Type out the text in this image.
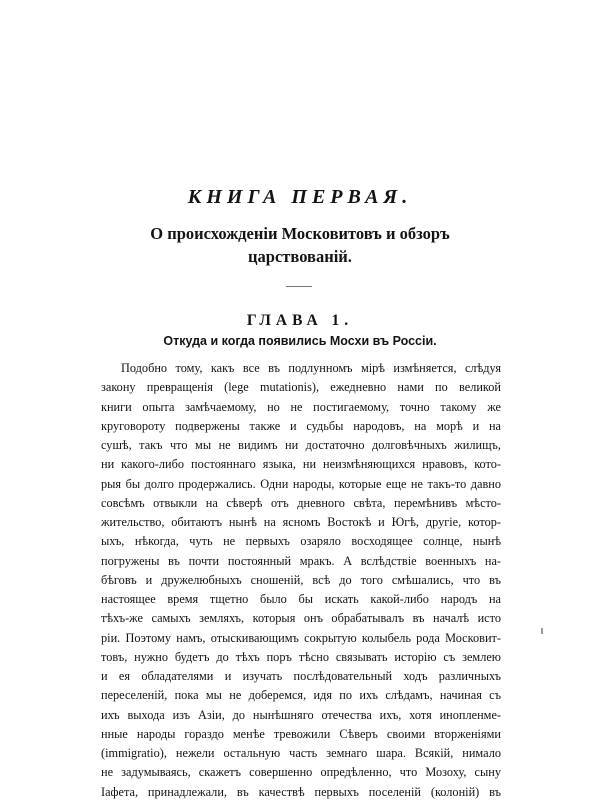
КНИГА ПЕРВАЯ.
О происхожденіи Московитовъ и обзоръ
царствованій.
ГЛАВА 1.
Откуда и когда появились Мосхи въ Россіи.
Подобно тому, какъ все въ подлунномъ мірѣ измѣняется, слѣдуя
закону превращенія (lege mutationis), ежедневно нами по великой
книги опыта замѣчаемому, но не постигаемому, точно такому же
круговороту подвержены также и судьбы народовъ, на морѣ и на
сушѣ, такъ что мы не видимъ ни достаточно долговѣчныхъ жилищъ,
ни какого-либо постояннаго языка, ни неизмѣняющихся нравовъ, кото-
рыя бы долго продержались. Одни народы, которые еще не такъ-то давно
совсѣмъ отвыкли на сѣверѣ отъ дневного свѣта, перемѣнивъ мѣсто-
жительство, обитаютъ нынѣ на ясномъ Востокѣ и Югѣ, другіе, котор-
ыхъ, нѣкогда, чуть не первыхъ озаряло восходящее солнце, нынѣ
погружены въ почти постоянный мракъ. А вслѣдствіе военныхъ на-
бѣговъ и дружелюбныхъ сношеній, всѣ до того смѣшались, что въ
настоящее время тщетно было бы искать какой-либо народъ на
тѣхъ-же самыхъ земляхъ, которыя онъ обрабатывалъ въ началѣ исто
ріи. Поэтому намъ, отыскивающимъ сокрытую колыбель рода Московит-
товъ, нужно будетъ до тѣхъ поръ тѣсно связывать исторію съ землею
и ея обладателями и изучать послѣдовательный ходъ различныхъ
переселеній, пока мы не доберемся, идя по ихъ слѣдамъ, начиная съ
ихъ выхода изъ Азіи, до нынѣшняго отечества ихъ, хотя инопленме-
нные народы гораздо менѣе тревожили Сѣверъ своими вторженіями
(immigratio), нежели остальную часть земнаго шара. Всякій, нимало
не задумываясь, скажетъ совершенно опредѣленно, что Мозоху, сыну
Іафета, принадлежали, въ качествѣ первыхъ поселеній (колоній) въ
